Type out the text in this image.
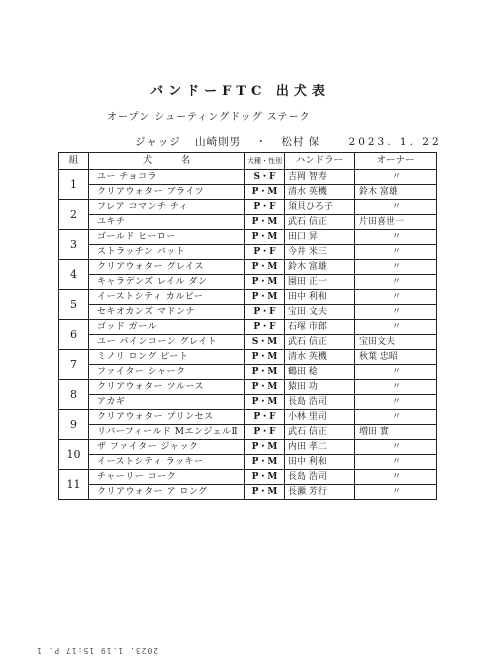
バンドーFTC 出犬表
オープン シューティングドッグ ステーク
ジャッジ 山崎則男 ・ 松村 保	2023. 1. 22
組	犬　　　名	犬種・性別	ハンドラー	オーナー
1	ユー チョコラ	S・F	吉岡 智寿	〃
	クリアウォター ブライツ	P・M	清水 英機	鈴木 富雄
2	フレア コマンチ チィ	P・F	須貝ひろ子	〃
	ユキチ	P・M	武石 信正	片田喜世一
3	ゴールド ヒーロー	P・M	田口 昇	〃
	ストラッチン バット	P・F	今井 米三	〃
4	クリアウォター グレイス	P・M	鈴木 富雄	〃
	キャラデンズ レイル ダン	P・M	園田 正一	〃
5	イーストシティ カルピー	P・M	田中 利和	〃
	セキオカンズ マドンナ	P・F	宝田 文夫	〃
6	ゴッド ガール	P・F	石塚 市郎	〃
	ユー パインコーン グレイト	S・M	武石 信正	宝田文夫
7	ミノリ ロング ピート	P・M	清水 英機	秋葉 忠昭
	ファイター シャーク	P・M	鶴田 稔	〃
8	クリアウォター ツルース	P・M	猿田 功	〃
	アカギ	P・M	長島 浩司	〃
9	クリアウォター プリンセス	P・F	小林 里司	〃
	リバーフィールド MエンジェルⅡ	P・F	武石 信正	増田 實
10	ザ ファイター ジャック	P・M	内田 孝二	〃
	イーストシティ ラッキー	P・M	田中 利和	〃
11	チャーリー コーク	P・M	長島 浩司	〃
	クリアウォター ア ロング	P・M	長瀬 芳行	〃
2023. 1.19 15:17 P. 1
